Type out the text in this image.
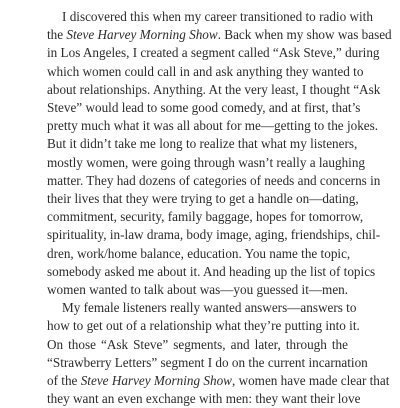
I discovered this when my career transitioned to radio with
the Steve Harvey Morning Show. Back when my show was based
in Los Angeles, I created a segment called “Ask Steve,” during
which women could call in and ask anything they wanted to
about relationships. Anything. At the very least, I thought “Ask
Steve” would lead to some good comedy, and at first, that’s
pretty much what it was all about for me—getting to the jokes.
But it didn’t take me long to realize that what my listeners,
mostly women, were going through wasn’t really a laughing
matter. They had dozens of categories of needs and concerns in
their lives that they were trying to get a handle on—dating,
commitment, security, family baggage, hopes for tomorrow,
spirituality, in-law drama, body image, aging, friendships, chil-
dren, work/home balance, education. You name the topic,
somebody asked me about it. And heading up the list of topics
women wanted to talk about was—you guessed it—men.
My female listeners really wanted answers—answers to
how to get out of a relationship what they’re putting into it.
On those “Ask Steve” segments, and later, through the
“Strawberry Letters” segment I do on the current incarnation
of the Steve Harvey Morning Show, women have made clear that
they want an even exchange with men: they want their love
